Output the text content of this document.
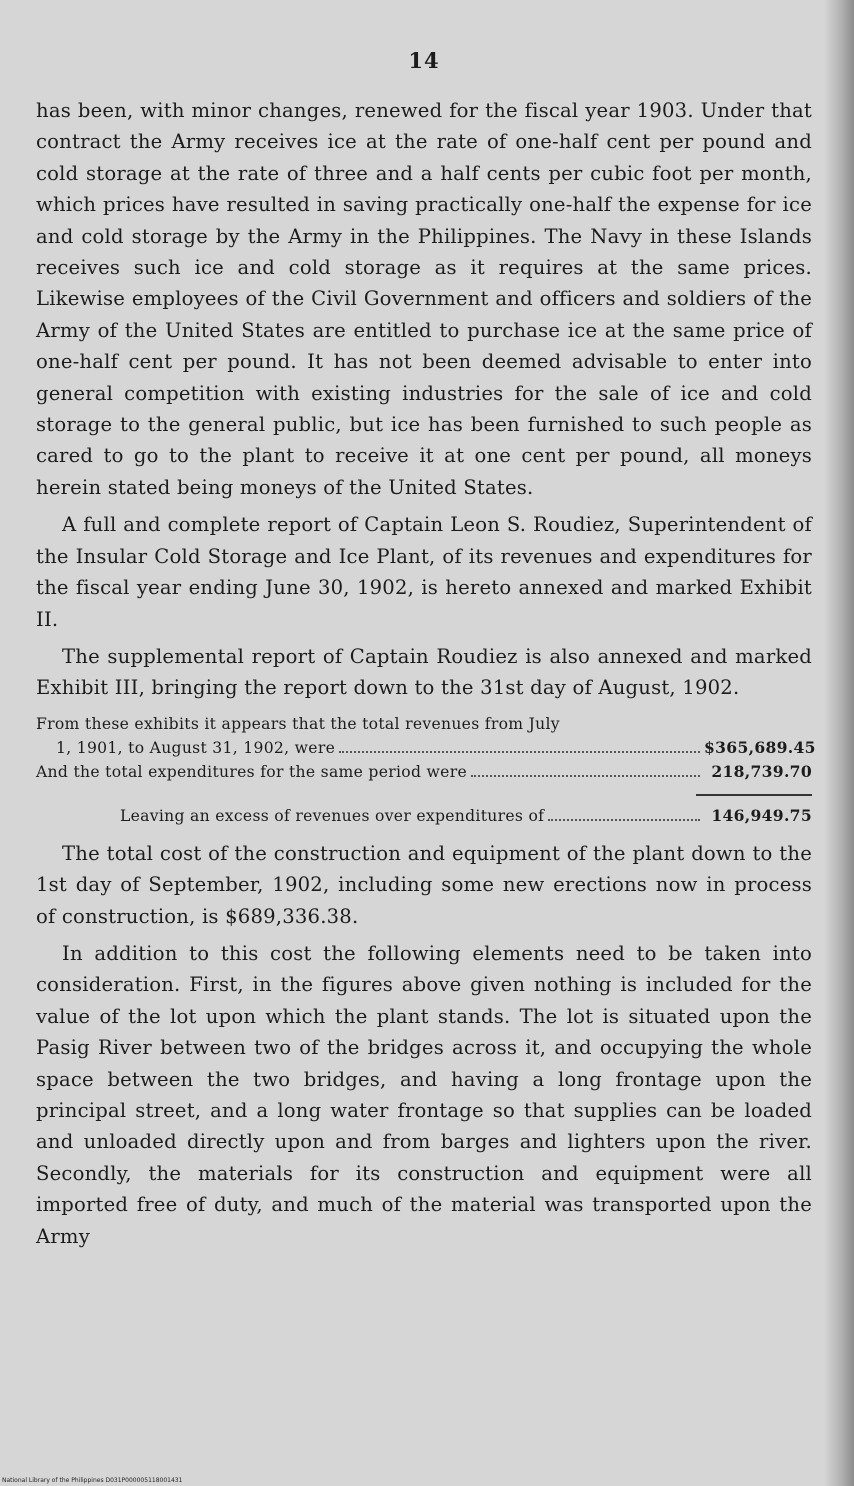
14

has been, with minor changes, renewed for the fiscal year 1903. Under that contract the Army receives ice at the rate of one-half cent per pound and cold storage at the rate of three and a half cents per cubic foot per month, which prices have resulted in saving practically one-half the expense for ice and cold storage by the Army in the Philippines. The Navy in these Islands receives such ice and cold storage as it requires at the same prices. Likewise employees of the Civil Government and officers and soldiers of the Army of the United States are entitled to purchase ice at the same price of one-half cent per pound. It has not been deemed advisable to enter into general competition with existing industries for the sale of ice and cold storage to the general public, but ice has been furnished to such people as cared to go to the plant to receive it at one cent per pound, all moneys herein stated being moneys of the United States.

A full and complete report of Captain Leon S. Roudiez, Superintendent of the Insular Cold Storage and Ice Plant, of its revenues and expenditures for the fiscal year ending June 30, 1902, is hereto annexed and marked Exhibit II.

The supplemental report of Captain Roudiez is also annexed and marked Exhibit III, bringing the report down to the 31st day of August, 1902.

From these exhibits it appears that the total revenues from July
1, 1901, to August 31, 1902, were	$365,689.45
And the total expenditures for the same period were	218,739.70
Leaving an excess of revenues over expenditures of	146,949.75

The total cost of the construction and equipment of the plant down to the 1st day of September, 1902, including some new erections now in process of construction, is $689,336.38.

In addition to this cost the following elements need to be taken into consideration. First, in the figures above given nothing is included for the value of the lot upon which the plant stands. The lot is situated upon the Pasig River between two of the bridges across it, and occupying the whole space between the two bridges, and having a long frontage upon the principal street, and a long water frontage so that supplies can be loaded and unloaded directly upon and from barges and lighters upon the river. Secondly, the materials for its construction and equipment were all imported free of duty, and much of the material was transported upon the Army

National Library of the Philippines D031P000005118001431
